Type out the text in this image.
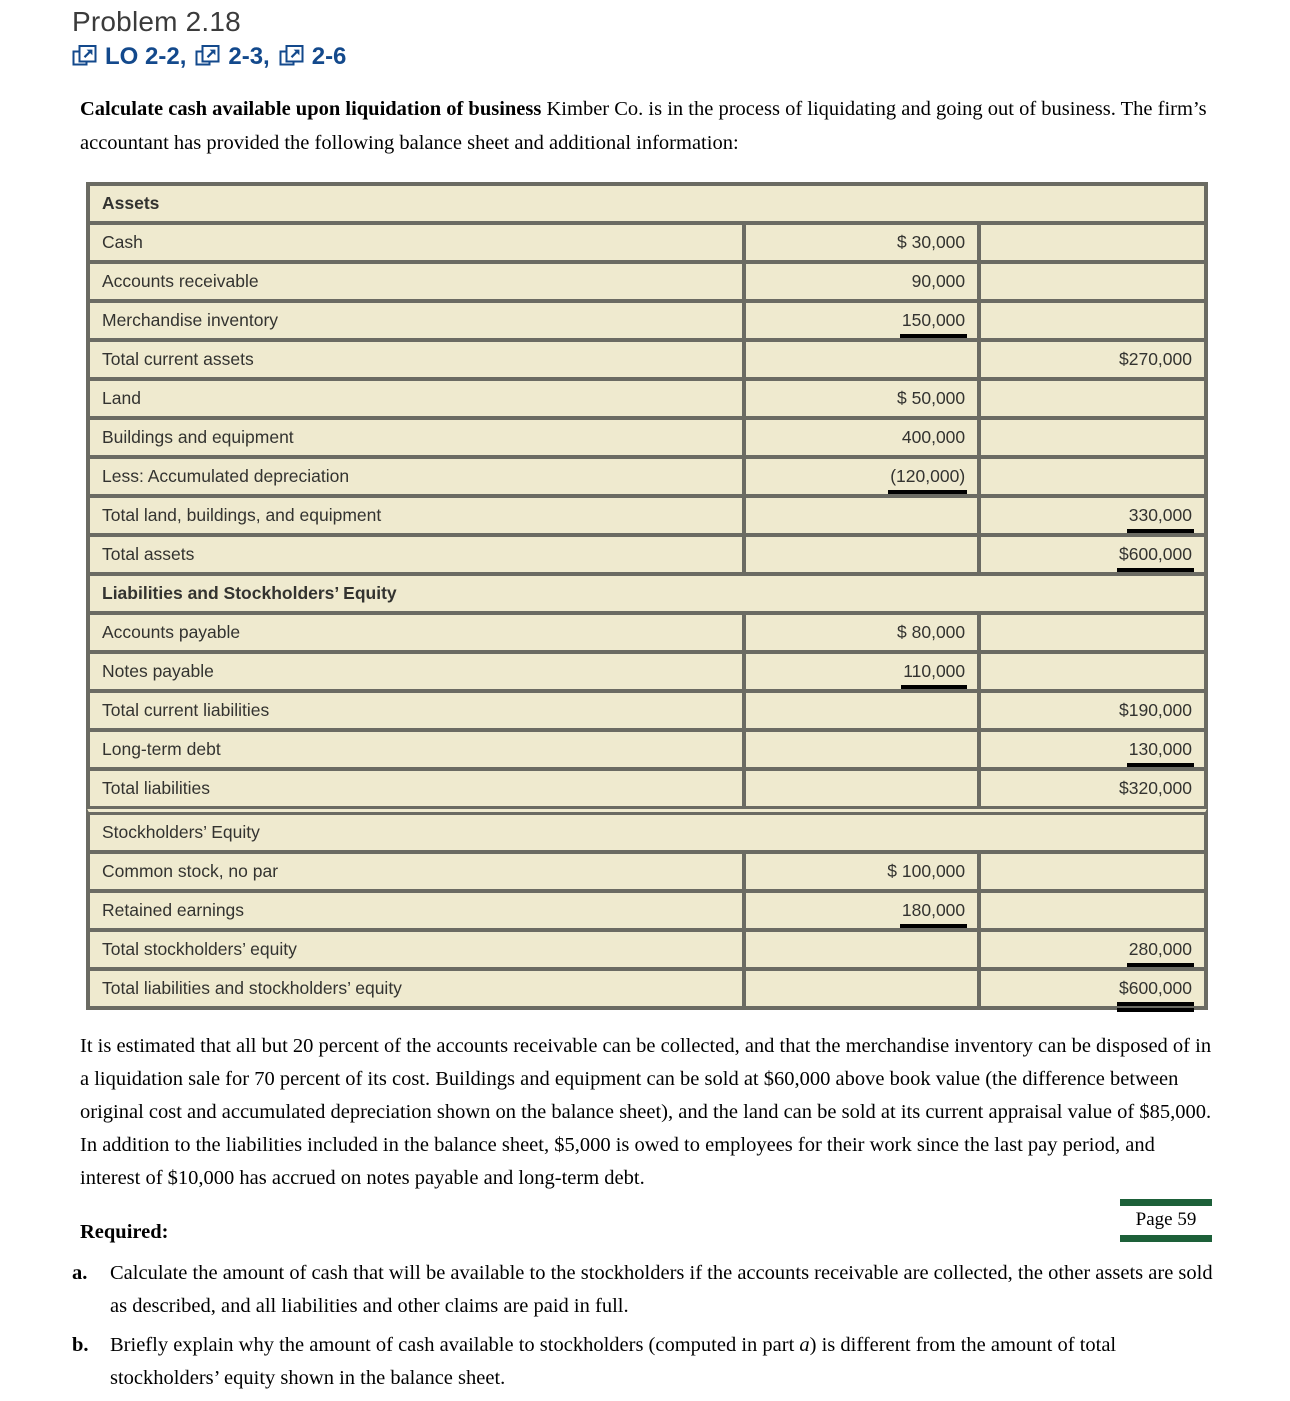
Problem 2.18
LO 2-2 , 2-3 , 2-6

Calculate cash available upon liquidation of business Kimber Co. is in the process of liquidating and going out of business. The firm’s accountant has provided the following balance sheet and additional information:

Assets		
Cash	$ 30,000	
Accounts receivable	90,000	
Merchandise inventory	150,000	
Total current assets		$270,000
Land	$ 50,000	
Buildings and equipment	400,000	
Less: Accumulated depreciation	(120,000)	
Total land, buildings, and equipment		330,000
Total assets		$600,000
Liabilities and Stockholders’ Equity		
Accounts payable	$ 80,000	
Notes payable	110,000	
Total current liabilities		$190,000
Long-term debt		130,000
Total liabilities		$320,000
Stockholders’ Equity		
Common stock, no par	$ 100,000	
Retained earnings	180,000	
Total stockholders’ equity		280,000
Total liabilities and stockholders’ equity		$600,000

It is estimated that all but 20 percent of the accounts receivable can be collected, and that the merchandise inventory can be disposed of in a liquidation sale for 70 percent of its cost. Buildings and equipment can be sold at $60,000 above book value (the difference between original cost and accumulated depreciation shown on the balance sheet), and the land can be sold at its current appraisal value of $85,000. In addition to the liabilities included in the balance sheet, $5,000 is owed to employees for their work since the last pay period, and interest of $10,000 has accrued on notes payable and long-term debt.

Required:
Page 59
a. Calculate the amount of cash that will be available to the stockholders if the accounts receivable are collected, the other assets are sold as described, and all liabilities and other claims are paid in full.
b. Briefly explain why the amount of cash available to stockholders (computed in part a) is different from the amount of total stockholders’ equity shown in the balance sheet.
